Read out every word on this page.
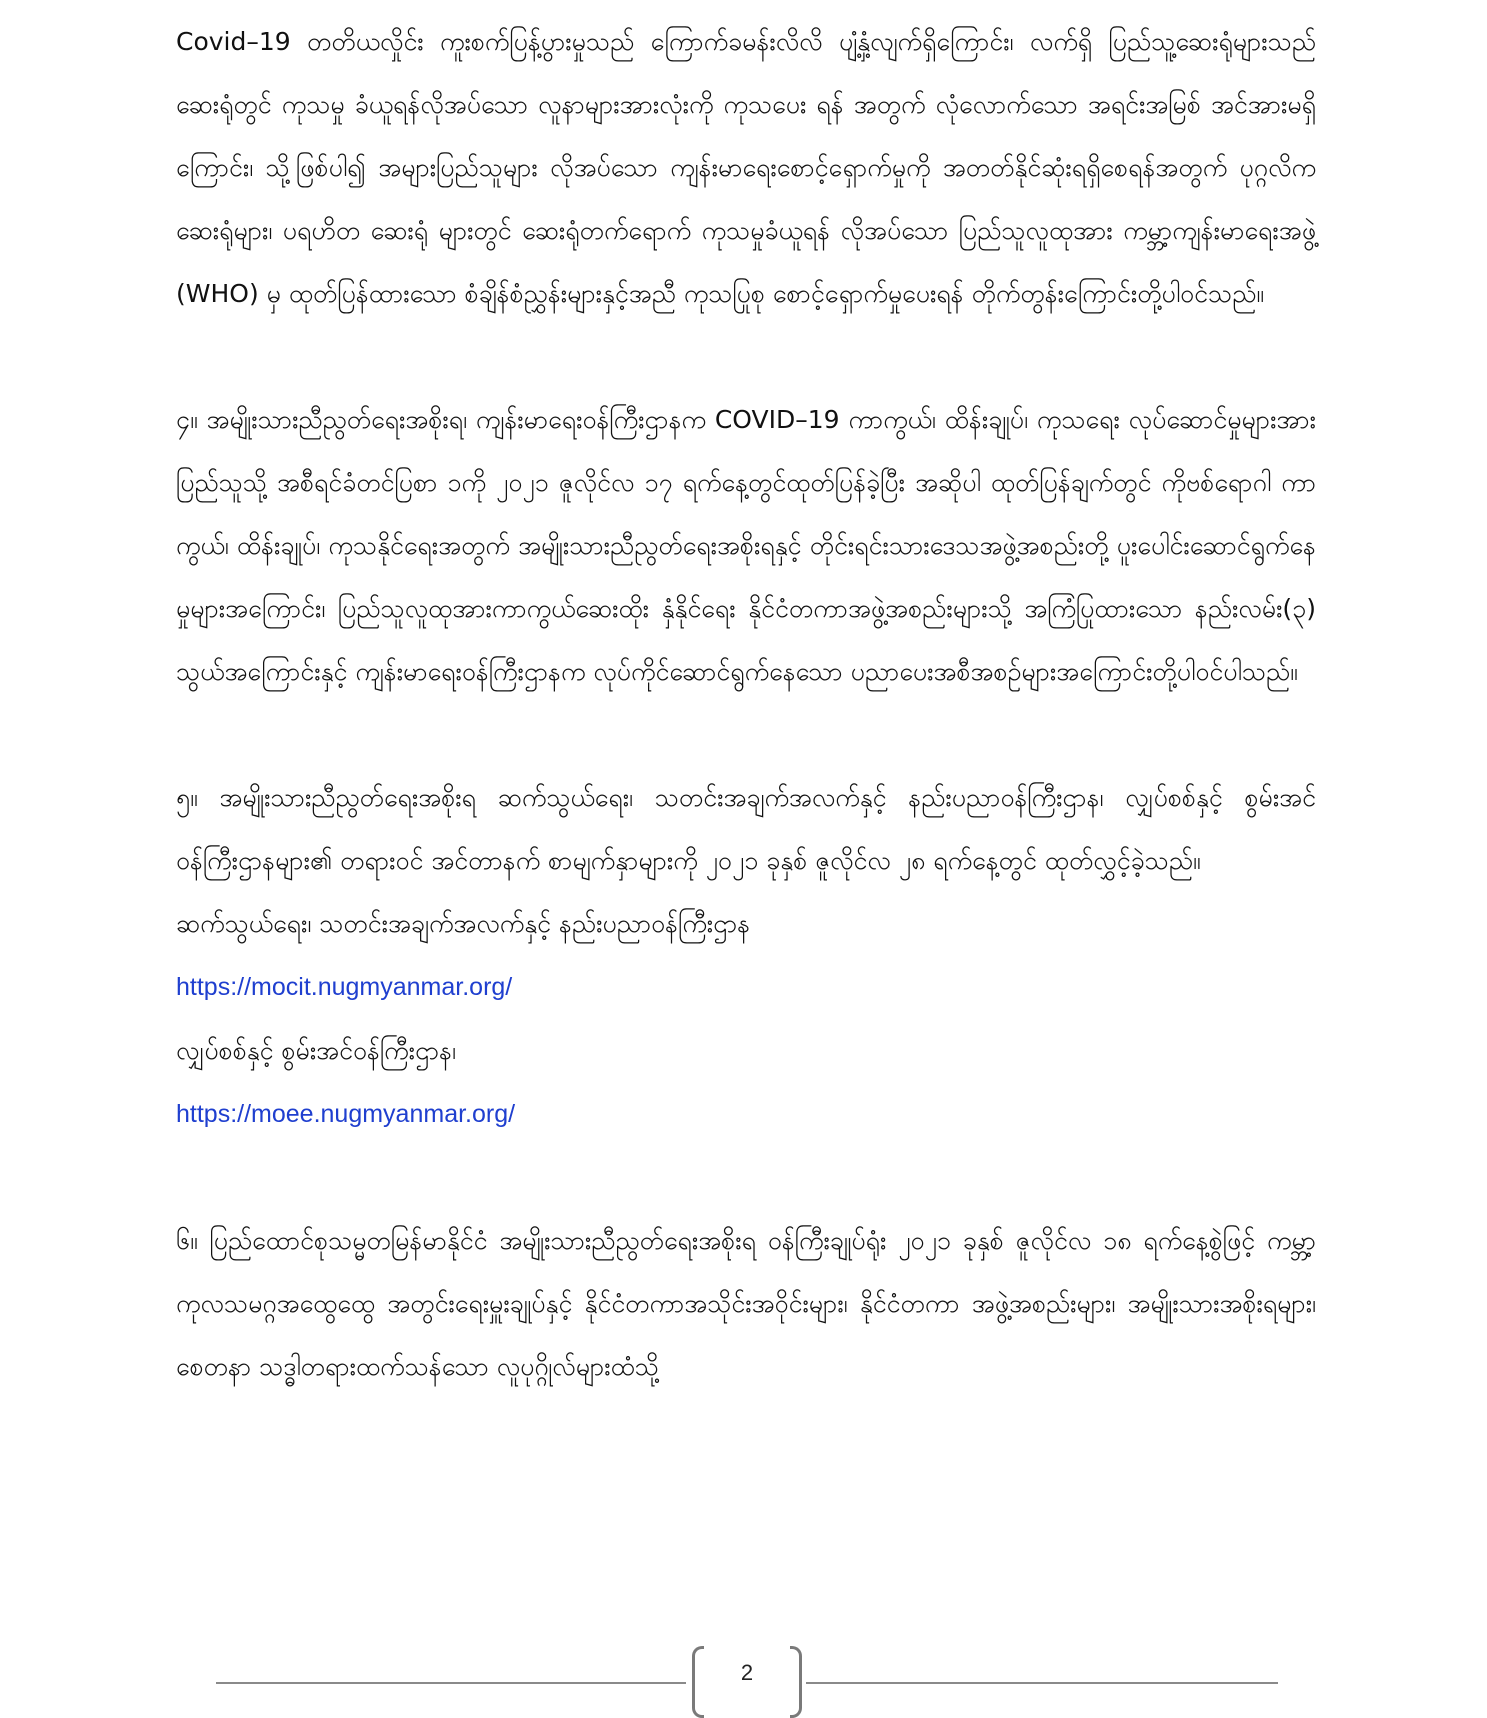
Covid–19 တတိယလှိုင်း ကူးစက်ပြန့်ပွားမှုသည် ကြောက်ခမန်းလိလိ ပျံ့နှံ့လျက်ရှိကြောင်း၊ လက်ရှိ ပြည်သူ့ဆေးရုံများသည် ဆေးရုံတွင် ကုသမှု ခံယူရန်လိုအပ်သော လူနာများအားလုံးကို ကုသပေး ရန် အတွက် လုံလောက်သော အရင်းအမြစ် အင်အားမရှိကြောင်း၊ သို့ဖြစ်ပါ၍ အများပြည်သူများ လိုအပ်သော ကျန်းမာရေးစောင့်ရှောက်မှုကို အတတ်နိုင်ဆုံးရရှိစေရန်အတွက် ပုဂ္ဂလိက ဆေးရုံများ၊ ပရဟိတ ဆေးရုံ များတွင် ဆေးရုံတက်ရောက် ကုသမှုခံယူရန် လိုအပ်သော ပြည်သူလူထုအား ကမ္ဘာ့ကျန်းမာရေးအဖွဲ့ (WHO) မှ ထုတ်ပြန်ထားသော စံချိန်စံညွှန်းများနှင့်အညီ ကုသပြုစု စောင့်ရှောက်မှုပေးရန် တိုက်တွန်းကြောင်းတို့ပါဝင်သည်။

၄။ အမျိုးသားညီညွတ်ရေးအစိုးရ၊ ကျန်းမာရေးဝန်ကြီးဌာနက COVID–19 ကာကွယ်၊ ထိန်းချုပ်၊ ကုသရေး လုပ်ဆောင်မှုများအား ပြည်သူသို့ အစီရင်ခံတင်ပြစာ ၁ကို ၂၀၂၁ ဇူလိုင်လ ၁၇ ရက်နေ့တွင်ထုတ်ပြန်ခဲ့ပြီး အဆိုပါ ထုတ်ပြန်ချက်တွင် ကိုဗစ်ရောဂါ ကာကွယ်၊ ထိန်းချုပ်၊ ကုသနိုင်ရေးအတွက် အမျိုးသားညီညွတ်ရေးအစိုးရနှင့် တိုင်းရင်းသားဒေသအဖွဲ့အစည်းတို့ ပူးပေါင်းဆောင်ရွက်နေမှုများအကြောင်း၊ ပြည်သူလူထုအားကာကွယ်ဆေးထိုး နှံနိုင်ရေး နိုင်ငံတကာအဖွဲ့အစည်းများသို့ အကြံပြုထားသော နည်းလမ်း(၃) သွယ်အကြောင်းနှင့် ကျန်းမာရေးဝန်ကြီးဌာနက လုပ်ကိုင်ဆောင်ရွက်နေသော ပညာပေးအစီအစဉ်များအကြောင်းတို့ပါဝင်ပါသည်။

၅။ အမျိုးသားညီညွတ်ရေးအစိုးရ ဆက်သွယ်ရေး၊ သတင်းအချက်အလက်နှင့် နည်းပညာဝန်ကြီးဌာန၊ လျှပ်စစ်နှင့် စွမ်းအင်ဝန်ကြီးဌာနများ၏ တရားဝင် အင်တာနက် စာမျက်နှာများကို ၂၀၂၁ ခုနှစ် ဇူလိုင်လ ၂၈ ရက်နေ့တွင် ထုတ်လွှင့်ခဲ့သည်။

ဆက်သွယ်ရေး၊ သတင်းအချက်အလက်နှင့် နည်းပညာဝန်ကြီးဌာန
https://mocit.nugmyanmar.org/
လျှပ်စစ်နှင့် စွမ်းအင်ဝန်ကြီးဌာန၊
https://moee.nugmyanmar.org/

၆။ ပြည်ထောင်စုသမ္မတမြန်မာနိုင်ငံ အမျိုးသားညီညွတ်ရေးအစိုးရ ဝန်ကြီးချုပ်ရုံး ၂၀၂၁ ခုနှစ် ဇူလိုင်လ ၁၈ ရက်နေ့စွဲဖြင့် ကမ္ဘာ့ကုလသမဂ္ဂအထွေထွေ အတွင်းရေးမှူးချုပ်နှင့် နိုင်ငံတကာအသိုင်းအဝိုင်းများ၊ နိုင်ငံတကာ အဖွဲ့အစည်းများ၊ အမျိုးသားအစိုးရများ၊ စေတနာ သဒ္ဓါတရားထက်သန်သော လူပုဂ္ဂိုလ်များထံသို့

2
